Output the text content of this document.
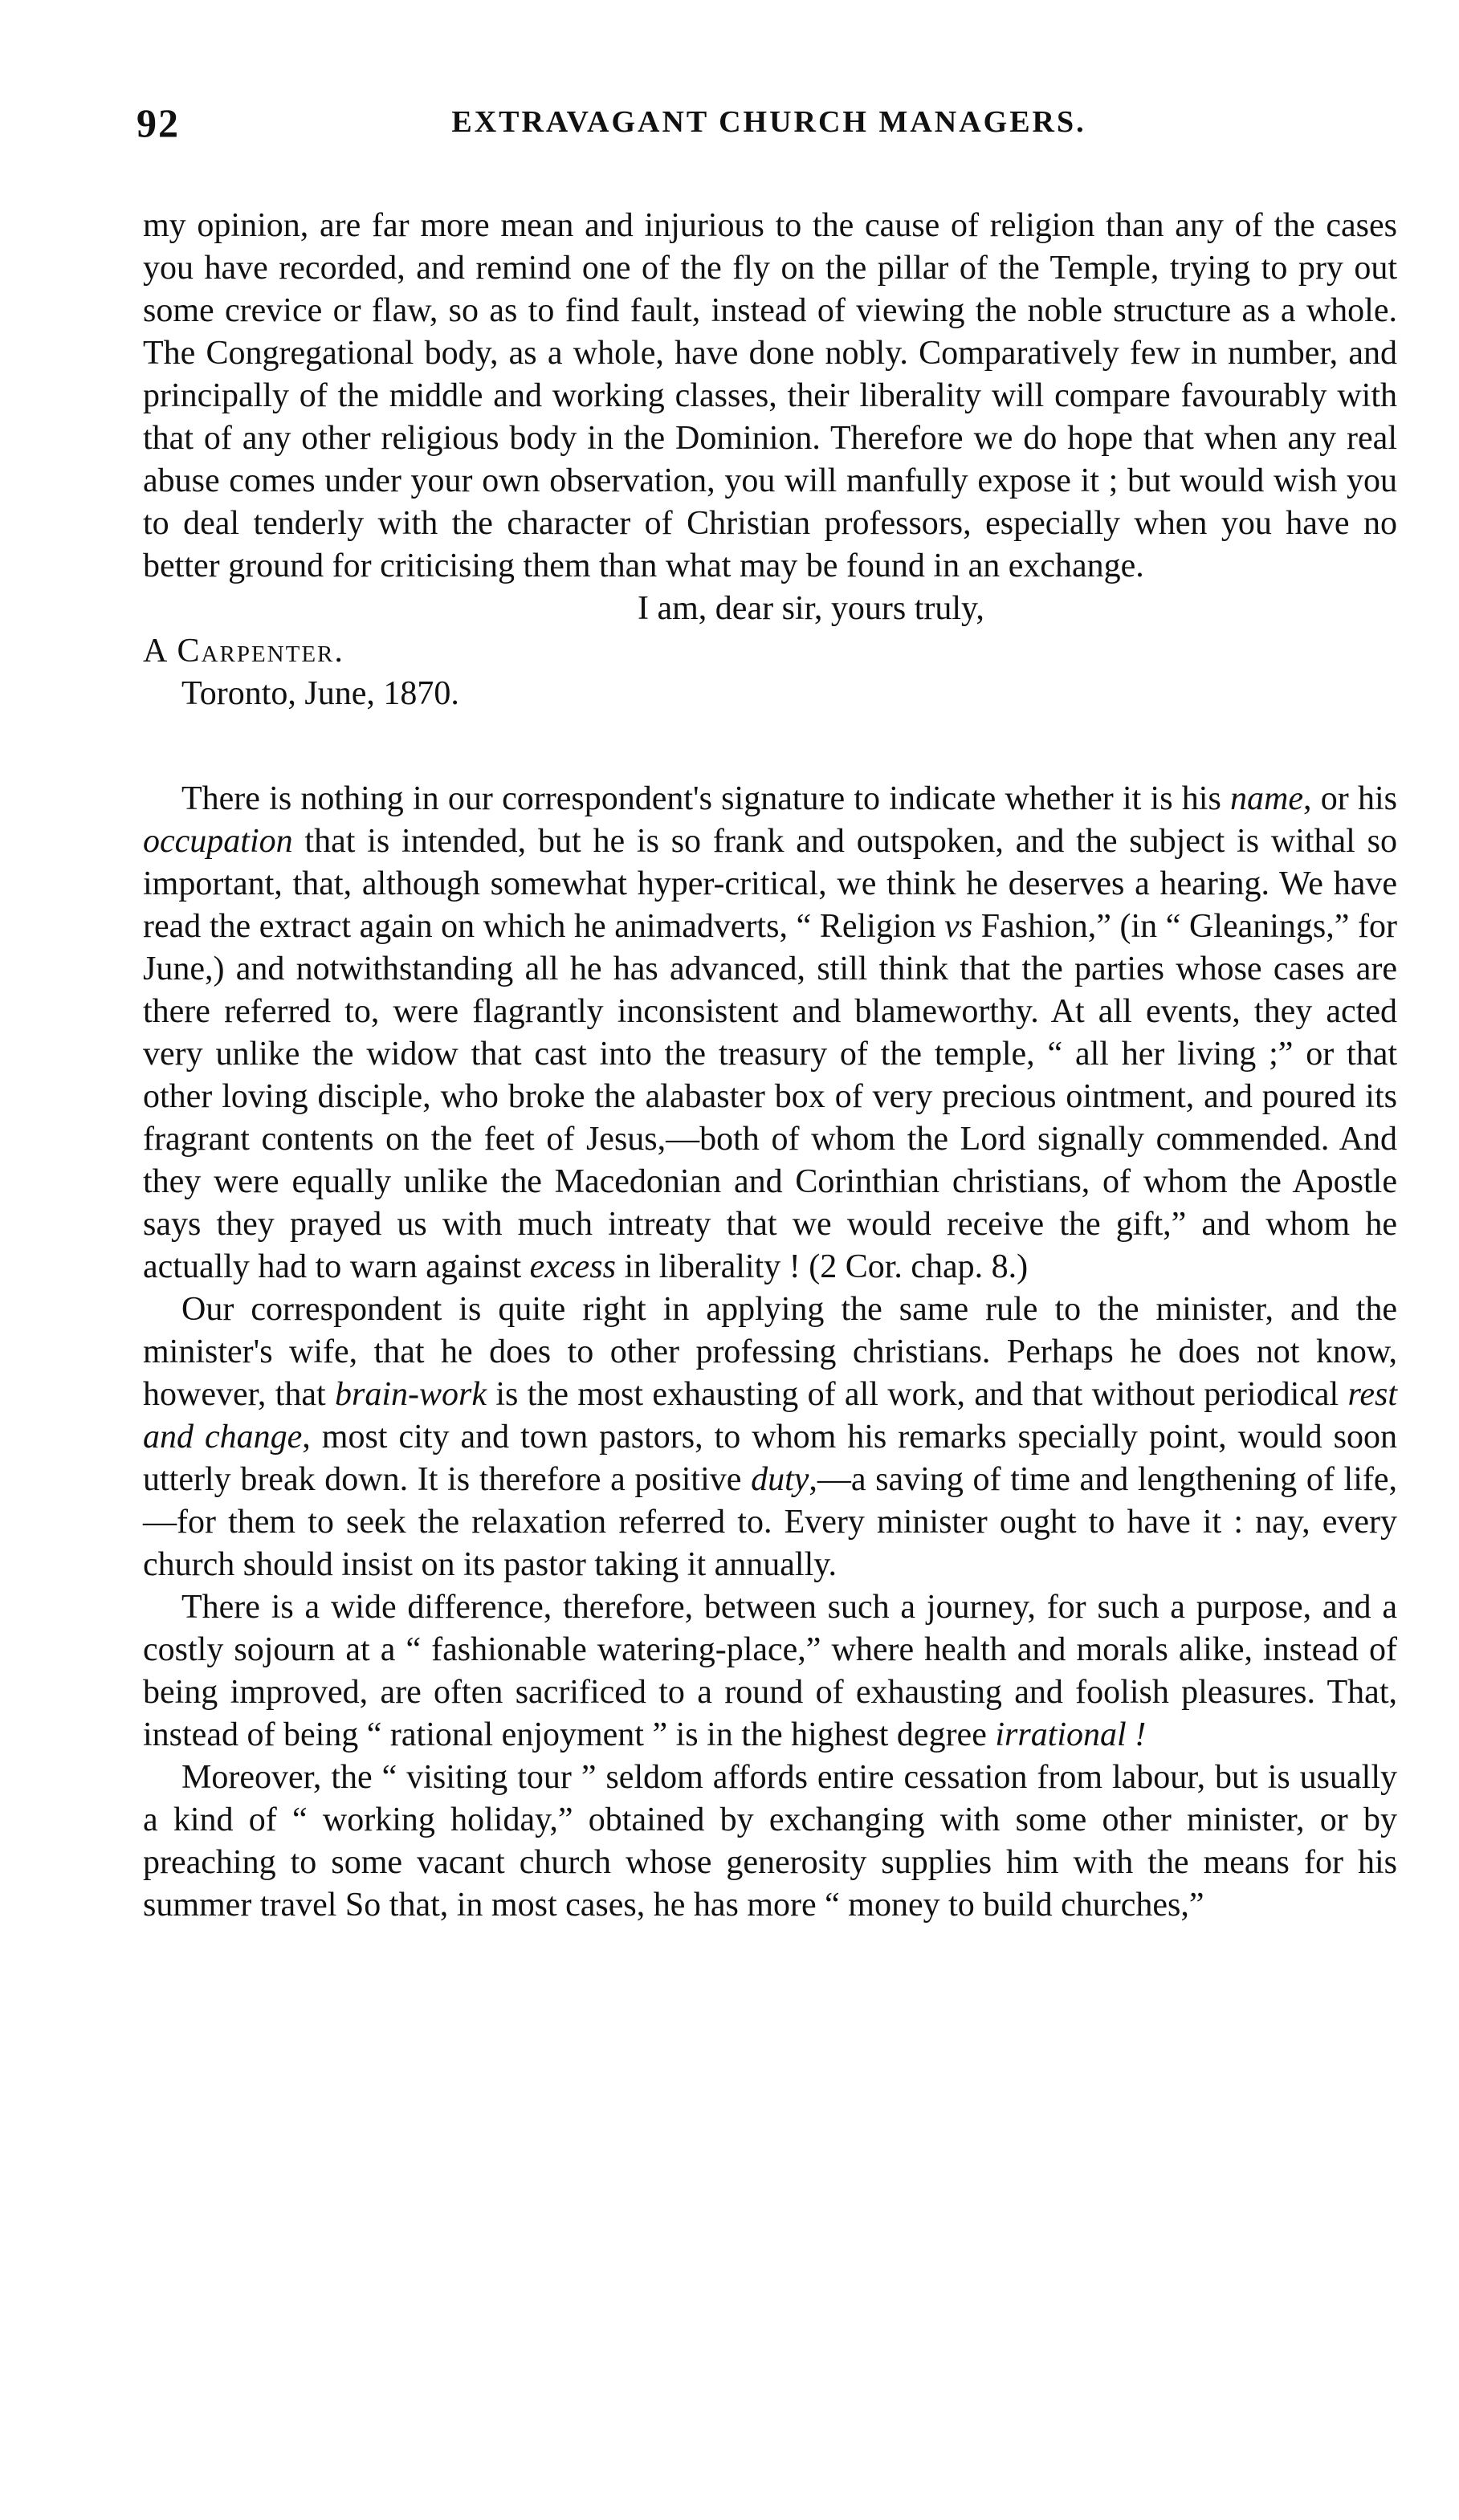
92	EXTRAVAGANT CHURCH MANAGERS.

my opinion, are far more mean and injurious to the cause of religion than any of the cases you have recorded, and remind one of the fly on the pillar of the Temple, trying to pry out some crevice or flaw, so as to find fault, instead of viewing the noble structure as a whole. The Congregational body, as a whole, have done nobly. Comparatively few in number, and principally of the middle and working classes, their liberality will compare favourably with that of any other religious body in the Dominion. Therefore we do hope that when any real abuse comes under your own observation, you will manfully expose it ; but would wish you to deal tenderly with the character of Christian professors, especially when you have no better ground for criticising them than what may be found in an exchange.

I am, dear sir, yours truly,

A Carpenter.

Toronto, June, 1870.

There is nothing in our correspondent's signature to indicate whether it is his name, or his occupation that is intended, but he is so frank and outspoken, and the subject is withal so important, that, although somewhat hyper-critical, we think he deserves a hearing. We have read the extract again on which he animadverts, “ Religion vs Fashion,” (in “ Gleanings,” for June,) and notwithstanding all he has advanced, still think that the parties whose cases are there referred to, were flagrantly inconsistent and blameworthy. At all events, they acted very unlike the widow that cast into the treasury of the temple, “ all her living ;” or that other loving disciple, who broke the alabaster box of very precious ointment, and poured its fragrant contents on the feet of Jesus,—both of whom the Lord signally commended. And they were equally unlike the Macedonian and Corinthian christians, of whom the Apostle says they prayed us with much intreaty that we would receive the gift,” and whom he actually had to warn against excess in liberality ! (2 Cor. chap. 8.)

Our correspondent is quite right in applying the same rule to the minister, and the minister's wife, that he does to other professing christians. Perhaps he does not know, however, that brain-work is the most exhausting of all work, and that without periodical rest and change, most city and town pastors, to whom his remarks specially point, would soon utterly break down. It is therefore a positive duty,—a saving of time and lengthening of life,—for them to seek the relaxation referred to. Every minister ought to have it : nay, every church should insist on its pastor taking it annually.

There is a wide difference, therefore, between such a journey, for such a purpose, and a costly sojourn at a “ fashionable watering-place,” where health and morals alike, instead of being improved, are often sacrificed to a round of exhausting and foolish pleasures. That, instead of being “ rational enjoyment ” is in the highest degree irrational !

Moreover, the “ visiting tour ” seldom affords entire cessation from labour, but is usually a kind of “ working holiday,” obtained by exchanging with some other minister, or by preaching to some vacant church whose generosity supplies him with the means for his summer travel So that, in most cases, he has more “ money to build churches,”
